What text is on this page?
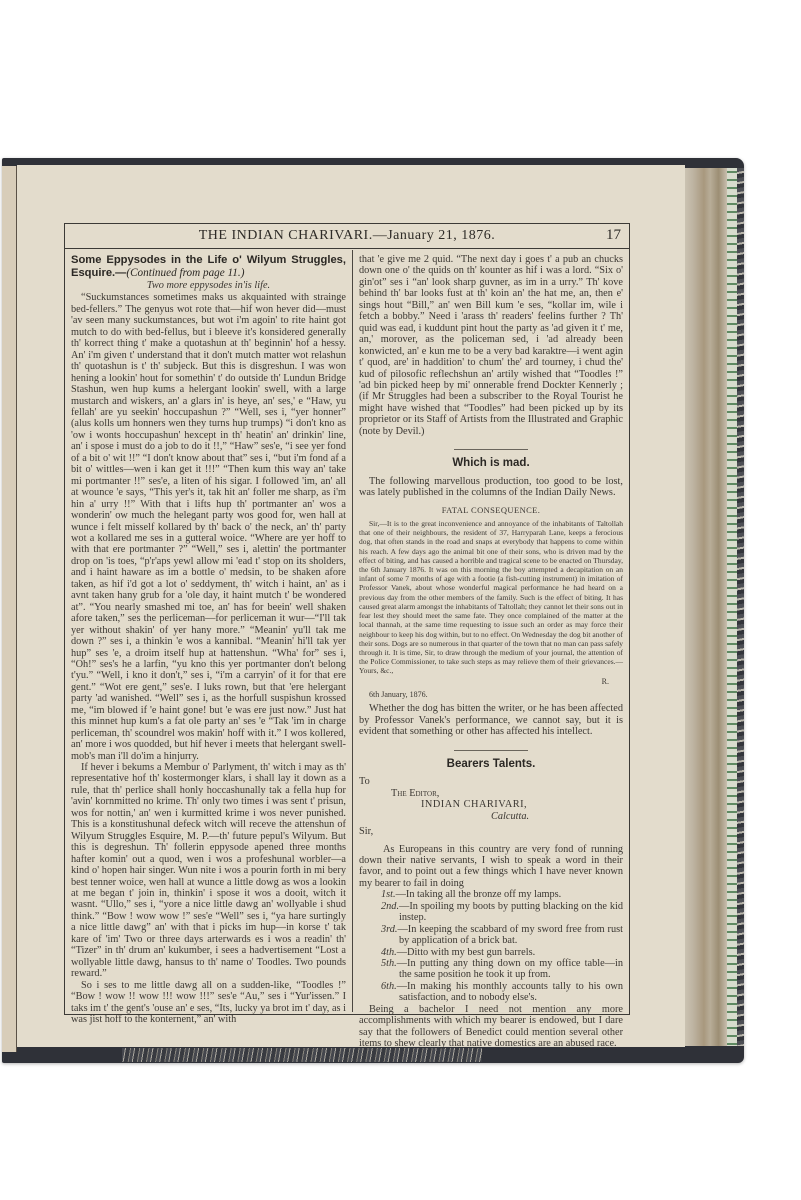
THE INDIAN CHARIVARI.—January 21, 1876.	17

Some Eppysodes in the Life o' Wilyum Struggles, Esquire.—(Continued from page 11.)

Two more eppysodes in'is life.

“Suckumstances sometimes maks us akquainted with strainge bed-fellers.” The genyus wot rote that—hif won hever did—must 'av seen many suckumstances, but wot i'm agoin' to rite haint got mutch to do with bed-fellus, but i bleeve it's konsidered generally th' korrect thing t' make a quotashun at th' beginnin' hof a hessy. An' i'm given t' understand that it don't mutch matter wot relashun th' quotashun is t' th' subjeck. But this is disgreshun. I was won hening a lookin' hout for somethin' t' do outside th' Lundun Bridge Stashun, wen hup kums a helergant lookin' swell, with a large mustarch and wiskers, an' a glars in' is heye, an' ses,' e “Haw, yu fellah' are yu seekin' hoccupashun ?” “Well, ses i, “yer honner” (alus kolls um honners wen they turns hup trumps) “i don't kno as 'ow i wonts hoccupashun' hexcept in th' heatin' an' drinkin' line, an' i spose i must do a job to do it !!,” “Haw” ses'e, “i see yer fond of a bit o' wit !!” “I don't know about that” ses i, “but i'm fond af a bit o' wittles—wen i kan get it !!!” “Then kum this way an' take mi portmanter !!” ses'e, a liten of his sigar. I followed 'im, an' all at wounce 'e says, “This yer's it, tak hit an' foller me sharp, as i'm hin a' urry !!” With that i lifts hup th' portmanter an' wos a wonderin' ow much the helegant party wos good for, wen hall at wunce i felt misself kollared by th' back o' the neck, an' th' party wot a kollared me ses in a gutteral woice. “Where are yer hoff to with that ere portmanter ?” “Well,” ses i, alettin' the portmanter drop on 'is toes, “p'r'aps yewl allow mi 'ead t' stop on its sholders, and i haint haware as im a bottle o' medsin, to be shaken afore taken, as hif i'd got a lot o' seddyment, th' witch i haint, an' as i avnt taken hany grub for a 'ole day, it haint mutch t' be wondered at”. “You nearly smashed mi toe, an' has for beein' well shaken afore taken,” ses the perliceman—for perliceman it wur—“I'll tak yer without shakin' of yer hany more.” “Meanin' yu'll tak me down ?” ses i, a thinkin 'e wos a kannibal. “Meanin' hi'll tak yer hup” ses 'e, a droim itself hup at hattenshun. “Wha' for” ses i, “Oh!” ses's he a larfin, “yu kno this yer portmanter don't belong t'yu.” “Well, i kno it don't,” ses i, “i'm a carryin' of it for that ere gent.” “Wot ere gent,” ses'e. I luks rown, but that 'ere helergant party 'ad wanished. “Well” ses i, as the horfull suspishun krossed me, “im blowed if 'e haint gone! but 'e was ere just now.” Just hat this minnet hup kum's a fat ole party an' ses 'e “Tak 'im in charge perliceman, th' scoundrel wos makin' hoff with it.” I wos kollered, an' more i wos quodded, but hif hever i meets that helergant swell-mob's man i'll do'im a hinjurry.

If hever i bekums a Membur o' Parlyment, th' witch i may as th' representative hof th' kostermonger klars, i shall lay it down as a rule, that th' perlice shall honly hoccashunally tak a fella hup for 'avin' kornmitted no krime. Th' only two times i was sent t' prisun, wos for nottin,' an' wen i kurmitted krime i wos never punished. This is a konstitushunal defeck witch will receve the attenshun of Wilyum Struggles Esquire, M. P.—th' future pepul's Wilyum. But this is degreshun. Th' follerin eppysode apened three months hafter komin' out a quod, wen i wos a profeshunal worbler—a kind o' hopen hair singer. Wun nite i wos a pourin forth in mi bery best tenner woice, wen hall at wunce a little dowg as wos a lookin at me began t' join in, thinkin' i spose it wos a dooit, witch it wasnt. “Ullo,” ses i, “yore a nice little dawg an' wollyable i shud think.” “Bow ! wow wow !” ses'e “Well” ses i, “ya hare surtingly a nice little dawg” an' with that i picks im hup—in korse t' tak kare of 'im' Two or three days arterwards es i wos a readin' th' “Tizer” in th' drum an' kukumber, i sees a hadvertisement “Lost a wollyable little dawg, hansus to th' name o' Toodles. Two pounds reward.”

So i ses to me little dawg all on a sudden-like, “Toodles !” “Bow ! wow !! wow !!! wow !!!” ses'e “Au,” ses i “Yur'issen.” I taks im t' the gent's 'ouse an' e ses, “Its, lucky ya brot im t' day, as i was jist hoff to the konternent,” an' with

that 'e give me 2 quid. “The next day i goes t' a pub an chucks down one o' the quids on th' kounter as hif i was a lord. “Six o' gin'ot” ses i “an' look sharp guvner, as im in a urry.” Th' kove behind th' bar looks fust at th' koin an' the hat me, an, then e' sings hout “Bill,” an' wen Bill kum 'e ses, “kollar im, wile i fetch a bobby.” Need i 'arass th' readers' feelins further ? Th' quid was ead, i kuddunt pint hout the party as 'ad given it t' me, an,' morover, as the policeman sed, i 'ad already been konwicted, an' e kun me to be a very bad karaktre—i went agin t' quod, are' in haddition' to chum' the' ard tourney, i chud the' kud of pilosofic reflechshun an' artily wished that “Toodles !” 'ad bin picked heep by mi' onnerable frend Dockter Kennerly ; (if Mr Struggles had been a subscriber to the Royal Tourist he might have wished that “Toodles” had been picked up by its proprietor or its Staff of Artists from the Illustrated and Graphic (note by Devil.)

Which is mad.

The following marvellous production, too good to be lost, was lately published in the columns of the Indian Daily News.

FATAL CONSEQUENCE.

Sir,—It is to the great inconvenience and annoyance of the inhabitants of Taltollah that one of their neighbours, the resident of 37, Harryparah Lane, keeps a ferocious dog, that often stands in the road and snaps at everybody that happens to come within his reach. A few days ago the animal bit one of their sons, who is driven mad by the effect of biting, and has caused a horrible and tragical scene to be enacted on Thursday, the 6th January 1876. It was on this morning the boy attempted a decapitation on an infant of some 7 months of age with a footie (a fish-cutting instrument) in imitation of Professor Vanek, about whose wonderful magical performance he had heard on a previous day from the other members of the family. Such is the effect of biting. It has caused great alarm amongst the inhabitants of Taltollah; they cannot let their sons out in fear lest they should meet the same fate. They once complained of the matter at the local thannah, at the same time requesting to issue such an order as may force their neighbour to keep his dog within, but to no effect. On Wednesday the dog bit another of their sons. Dogs are so numerous in that quarter of the town that no man can pass safely through it. It is time, Sir, to draw through the medium of your journal, the attention of the Police Commissioner, to take such steps as may relieve them of their grievances.—Yours, &c.,

R.

6th January, 1876.

Whether the dog has bitten the writer, or he has been affected by Professor Vanek's performance, we cannot say, but it is evident that something or other has affected his intellect.

Bearers Talents.

To

The Editor,

INDIAN CHARIVARI,

Calcutta.

Sir,

As Europeans in this country are very fond of running down their native servants, I wish to speak a word in their favor, and to point out a few things which I have never known my bearer to fail in doing

1st.—In taking all the bronze off my lamps.

2nd.—In spoiling my boots by putting blacking on the kid instep.

3rd.—In keeping the scabbard of my sword free from rust by application of a brick bat.

4th.—Ditto with my best gun barrels.

5th.—In putting any thing down on my office table—in the same position he took it up from.

6th.—In making his monthly accounts tally to his own satisfaction, and to nobody else's.

Being a bachelor I need not mention any more accomplishments with which my bearer is endowed, but I dare say that the followers of Benedict could mention several other items to shew clearly that native domestics are an abused race.
